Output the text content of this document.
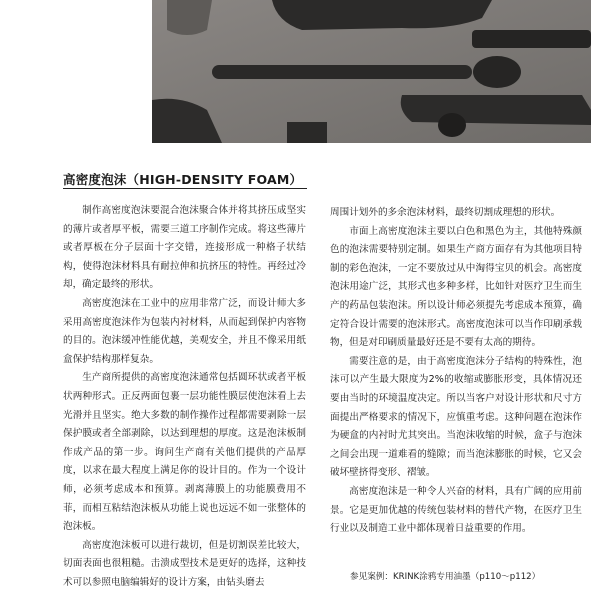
高密度泡沫（HIGH-DENSITY FOAM）

制作高密度泡沫要混合泡沫聚合体并将其挤压成坚实的薄片或者厚平板，需要三道工序制作完成。将这些薄片或者厚板在分子层面十字交错，连接形成一种格子状结构，使得泡沫材料具有耐拉伸和抗挤压的特性。再经过冷却，确定最终的形状。

高密度泡沫在工业中的应用非常广泛，而设计师大多采用高密度泡沫作为包装内衬材料，从而起到保护内容物的目的。泡沫缓冲性能优越，美观安全，并且不像采用纸盒保护结构那样复杂。

生产商所提供的高密度泡沫通常包括圆环状或者平板状两种形式。正反两面包裹一层功能性膜层使泡沫看上去光滑并且坚实。绝大多数的制作操作过程都需要剥除一层保护膜或者全部剥除，以达到理想的厚度。这是泡沫板制作成产品的第一步。询问生产商有关他们提供的产品厚度，以求在最大程度上满足你的设计目的。作为一个设计师，必须考虑成本和预算。剥离薄膜上的功能膜费用不菲，而相互粘结泡沫板从功能上说也远远不如一张整体的泡沫板。

高密度泡沫板可以进行裁切，但是切割误差比较大，切面表面也很粗糙。击溃成型技术是更好的选择，这种技术可以参照电脑编辑好的设计方案，由钻头磨去

周围计划外的多余泡沫材料，最终切割成理想的形状。

市面上高密度泡沫主要以白色和黑色为主，其他特殊颜色的泡沫需要特别定制。如果生产商方面存有为其他项目特制的彩色泡沫，一定不要放过从中淘得宝贝的机会。高密度泡沫用途广泛，其形式也多种多样，比如针对医疗卫生而生产的药品包装泡沫。所以设计师必须提先考虑成本预算，确定符合设计需要的泡沫形式。高密度泡沫可以当作印刷承载物，但是对印刷质量最好还是不要有太高的期待。

需要注意的是，由于高密度泡沫分子结构的特殊性，泡沫可以产生最大限度为2%的收缩或膨胀形变，具体情况还要由当时的环境温度决定。所以当客户对设计形状和尺寸方面提出严格要求的情况下，应慎重考虑。这种问题在泡沫作为硬盒的内衬时尤其突出。当泡沫收缩的时候，盒子与泡沫之间会出现一道难看的缝隙；而当泡沫膨胀的时候，它又会破坏壁挤得变形、褶皱。

高密度泡沫是一种令人兴奋的材料，具有广阔的应用前景。它是更加优越的传统包装材料的替代产物，在医疗卫生行业以及制造工业中都体现着日益重要的作用。

参见案例：KRINK涂鸦专用油墨（p110～p112）
